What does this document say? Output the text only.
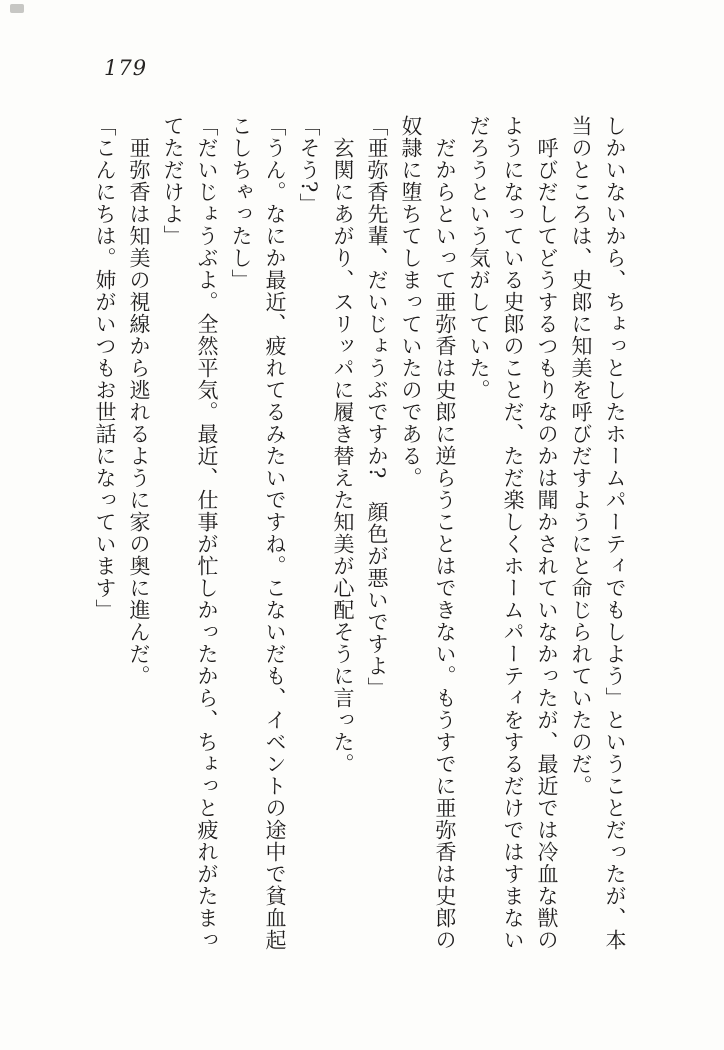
179
しかいないから、ちょっとしたホームパーティでもしよう」ということだったが、本
当のところは、史郎に知美を呼びだすようにと命じられていたのだ。
呼びだしてどうするつもりなのかは聞かされていなかったが、最近では冷血な獣の
ようになっている史郎のことだ、ただ楽しくホームパーティをするだけではすまない
だろうという気がしていた。
だからといって亜弥香は史郎に逆らうことはできない。もうすでに亜弥香は史郎の
奴隷に堕ちてしまっていたのである。
「亜弥香先輩、だいじょうぶですか?　顔色が悪いですよ」
玄関にあがり、スリッパに履き替えた知美が心配そうに言った。
「そう?」
「うん。なにか最近、疲れてるみたいですね。こないだも、イベントの途中で貧血起
こしちゃったし」
「だいじょうぶよ。全然平気。最近、仕事が忙しかったから、ちょっと疲れがたまっ
てただけよ」
亜弥香は知美の視線から逃れるように家の奥に進んだ。
「こんにちは。姉がいつもお世話になっています」
